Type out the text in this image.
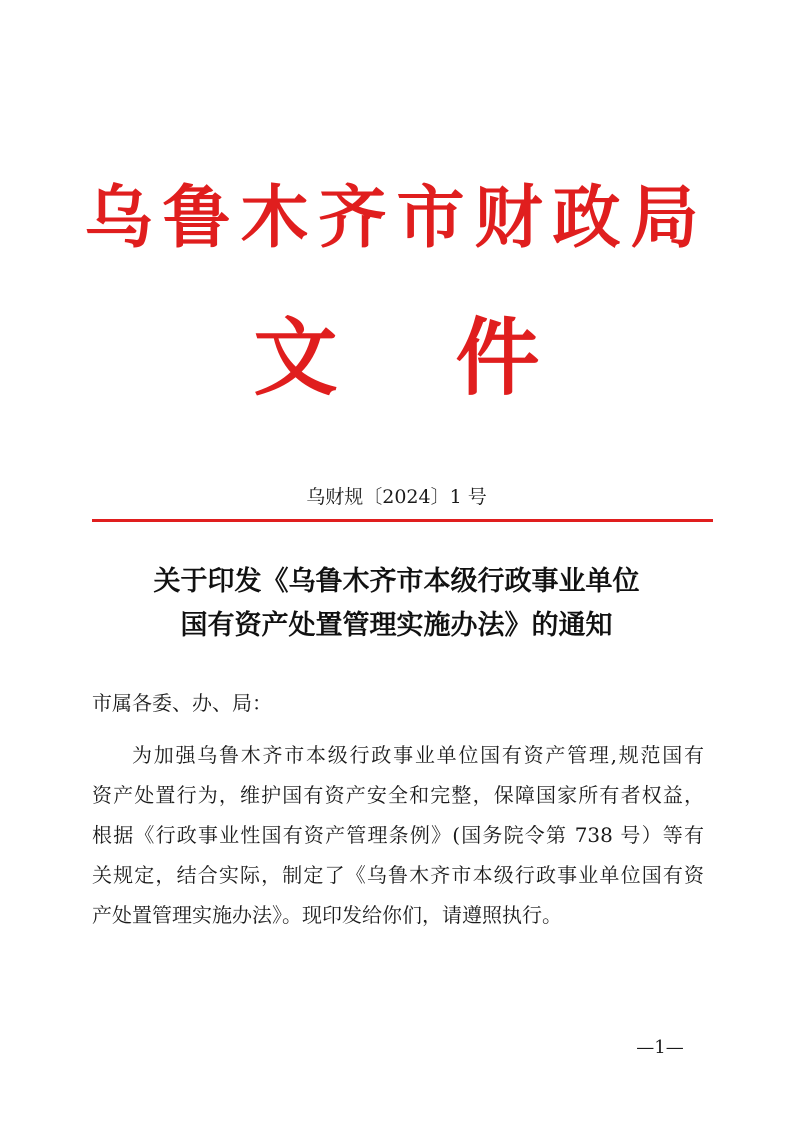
乌鲁木齐市财政局
文 件
乌财规〔2024〕1 号
关于印发《乌鲁木齐市本级行政事业单位
国有资产处置管理实施办法》的通知
市属各委、办、局：
为加强乌鲁木齐市本级行政事业单位国有资产管理,规范国有
资产处置行为，维护国有资产安全和完整，保障国家所有者权益，
根据《行政事业性国有资产管理条例》(国务院令第 738 号）等有
关规定，结合实际，制定了《乌鲁木齐市本级行政事业单位国有资
产处置管理实施办法》。现印发给你们，请遵照执行。
—1—
